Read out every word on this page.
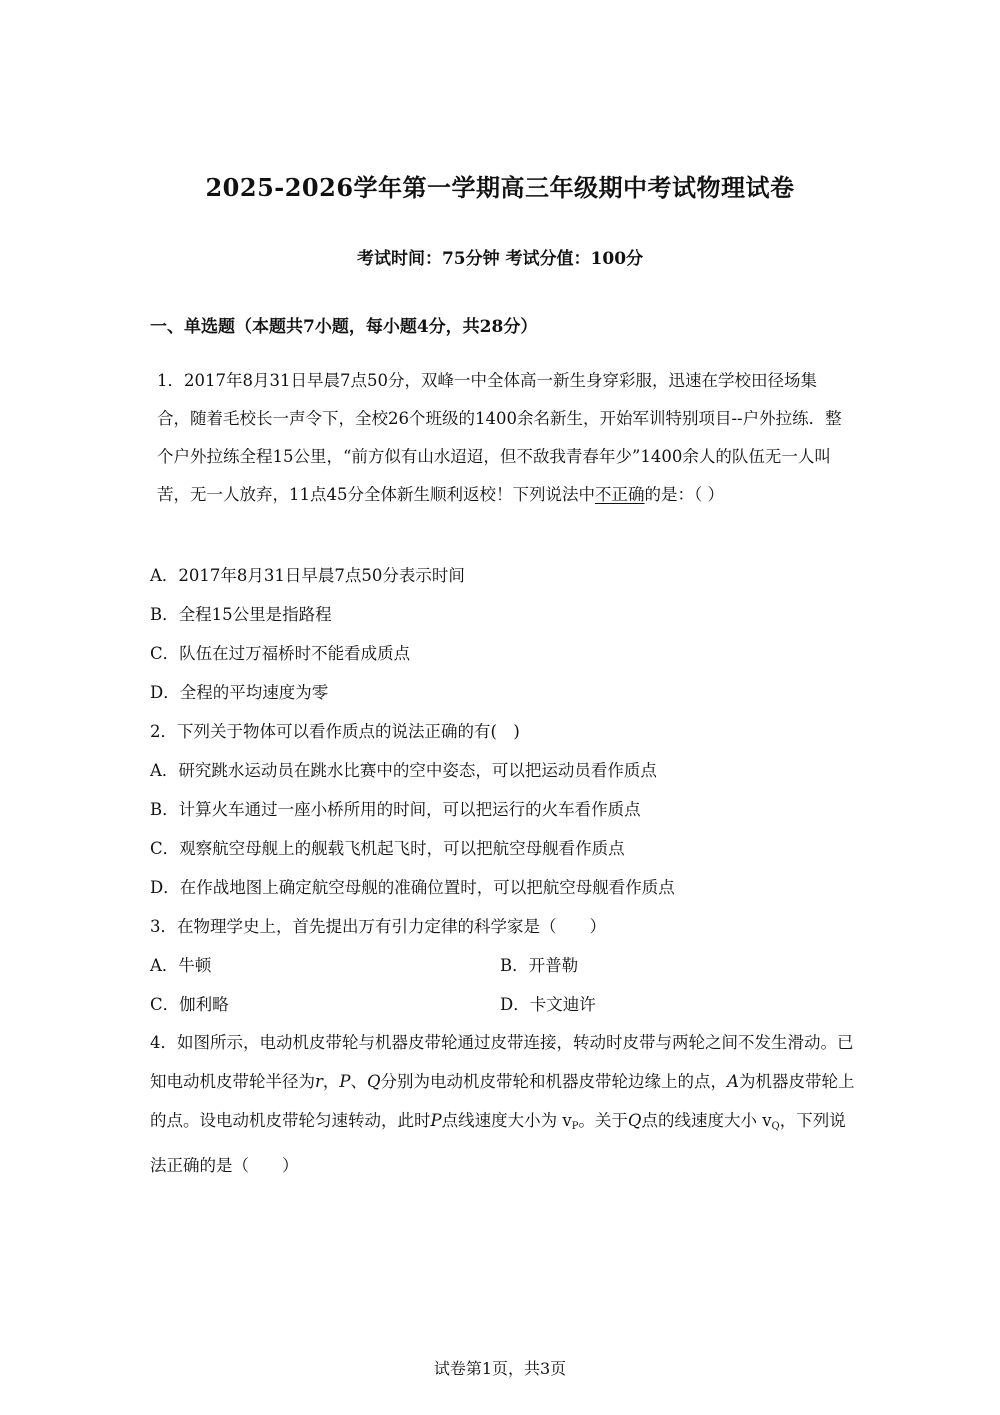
2025-2026学年第一学期高三年级期中考试物理试卷
考试时间：75分钟 考试分值：100分
一、单选题（本题共7小题，每小题4分，共28分）
1．2017年8月31日早晨7点50分，双峰一中全体高一新生身穿彩服，迅速在学校田径场集合，随着毛校长一声令下，全校26个班级的1400余名新生，开始军训特别项目--户外拉练．整个户外拉练全程15公里，“前方似有山水迢迢，但不敌我青春年少”1400余人的队伍无一人叫苦，无一人放弃，11点45分全体新生顺利返校！下列说法中不正确的是：（ ）
A．2017年8月31日早晨7点50分表示时间
B．全程15公里是指路程
C．队伍在过万福桥时不能看成质点
D．全程的平均速度为零
2．下列关于物体可以看作质点的说法正确的有(　)
A．研究跳水运动员在跳水比赛中的空中姿态，可以把运动员看作质点
B．计算火车通过一座小桥所用的时间，可以把运行的火车看作质点
C．观察航空母舰上的舰载飞机起飞时，可以把航空母舰看作质点
D．在作战地图上确定航空母舰的准确位置时，可以把航空母舰看作质点
3．在物理学史上，首先提出万有引力定律的科学家是（　　）
A．牛顿	B．开普勒
C．伽利略	D．卡文迪许
4．如图所示，电动机皮带轮与机器皮带轮通过皮带连接，转动时皮带与两轮之间不发生滑动。已知电动机皮带轮半径为r，P、Q分别为电动机皮带轮和机器皮带轮边缘上的点，A为机器皮带轮上的点。设电动机皮带轮匀速转动，此时P点线速度大小为 $v_P$。关于Q点的线速度大小 $v_Q$，下列说法正确的是（　　）
试卷第1页，共3页
